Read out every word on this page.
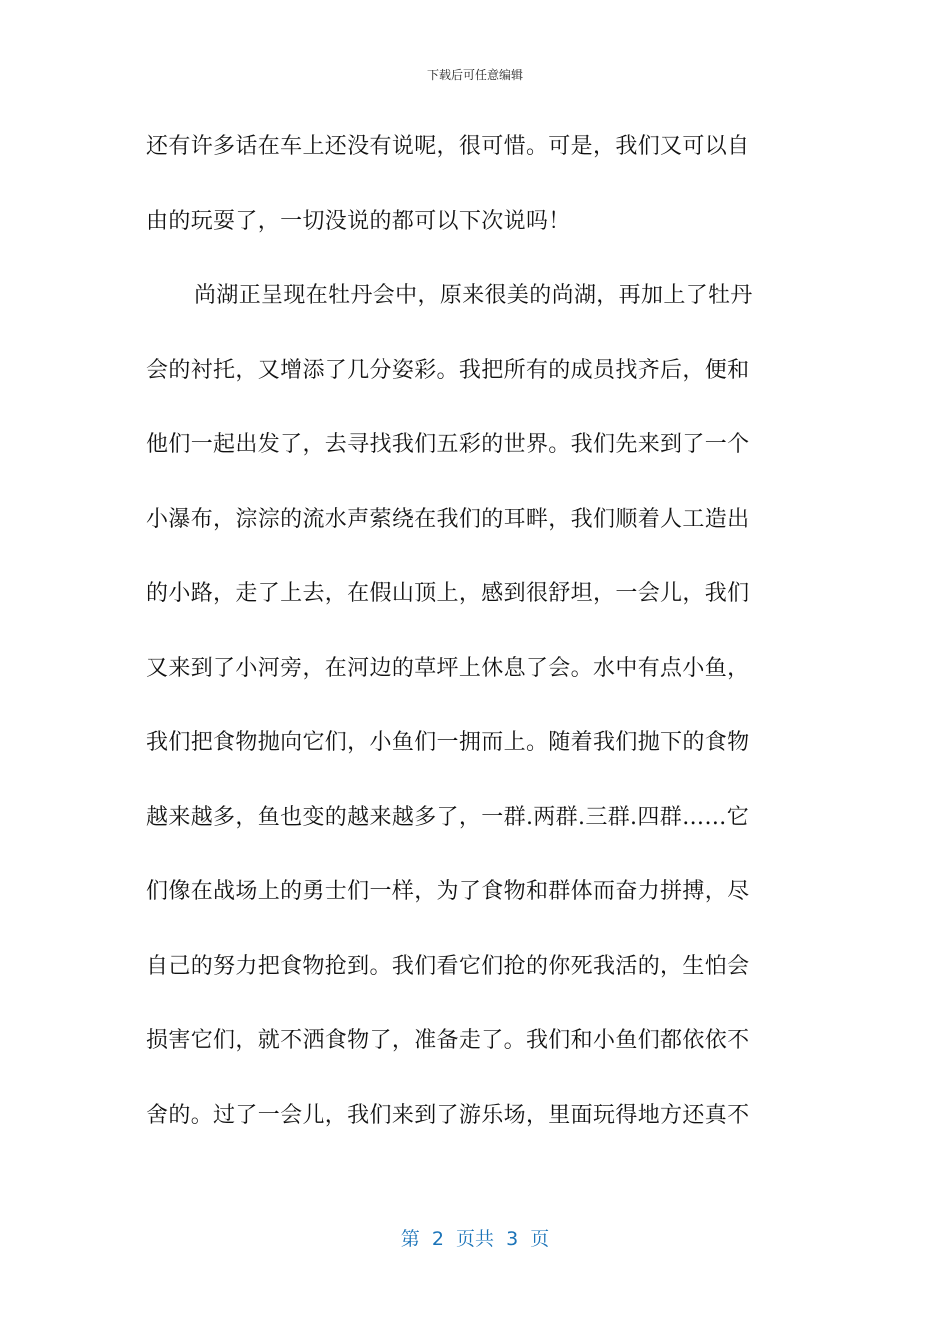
下载后可任意编辑
还有许多话在车上还没有说呢，很可惜。可是，我们又可以自
由的玩耍了，一切没说的都可以下次说吗！
尚湖正呈现在牡丹会中，原来很美的尚湖，再加上了牡丹
会的衬托，又增添了几分姿彩。我把所有的成员找齐后，便和
他们一起出发了，去寻找我们五彩的世界。我们先来到了一个
小瀑布，淙淙的流水声萦绕在我们的耳畔，我们顺着人工造出
的小路，走了上去，在假山顶上，感到很舒坦，一会儿，我们
又来到了小河旁，在河边的草坪上休息了会。水中有点小鱼，
我们把食物抛向它们，小鱼们一拥而上。随着我们抛下的食物
越来越多，鱼也变的越来越多了，一群.两群.三群.四群……它
们像在战场上的勇士们一样，为了食物和群体而奋力拼搏，尽
自己的努力把食物抢到。我们看它们抢的你死我活的，生怕会
损害它们，就不洒食物了，准备走了。我们和小鱼们都依依不
舍的。过了一会儿，我们来到了游乐场，里面玩得地方还真不
第  2  页共  3  页
